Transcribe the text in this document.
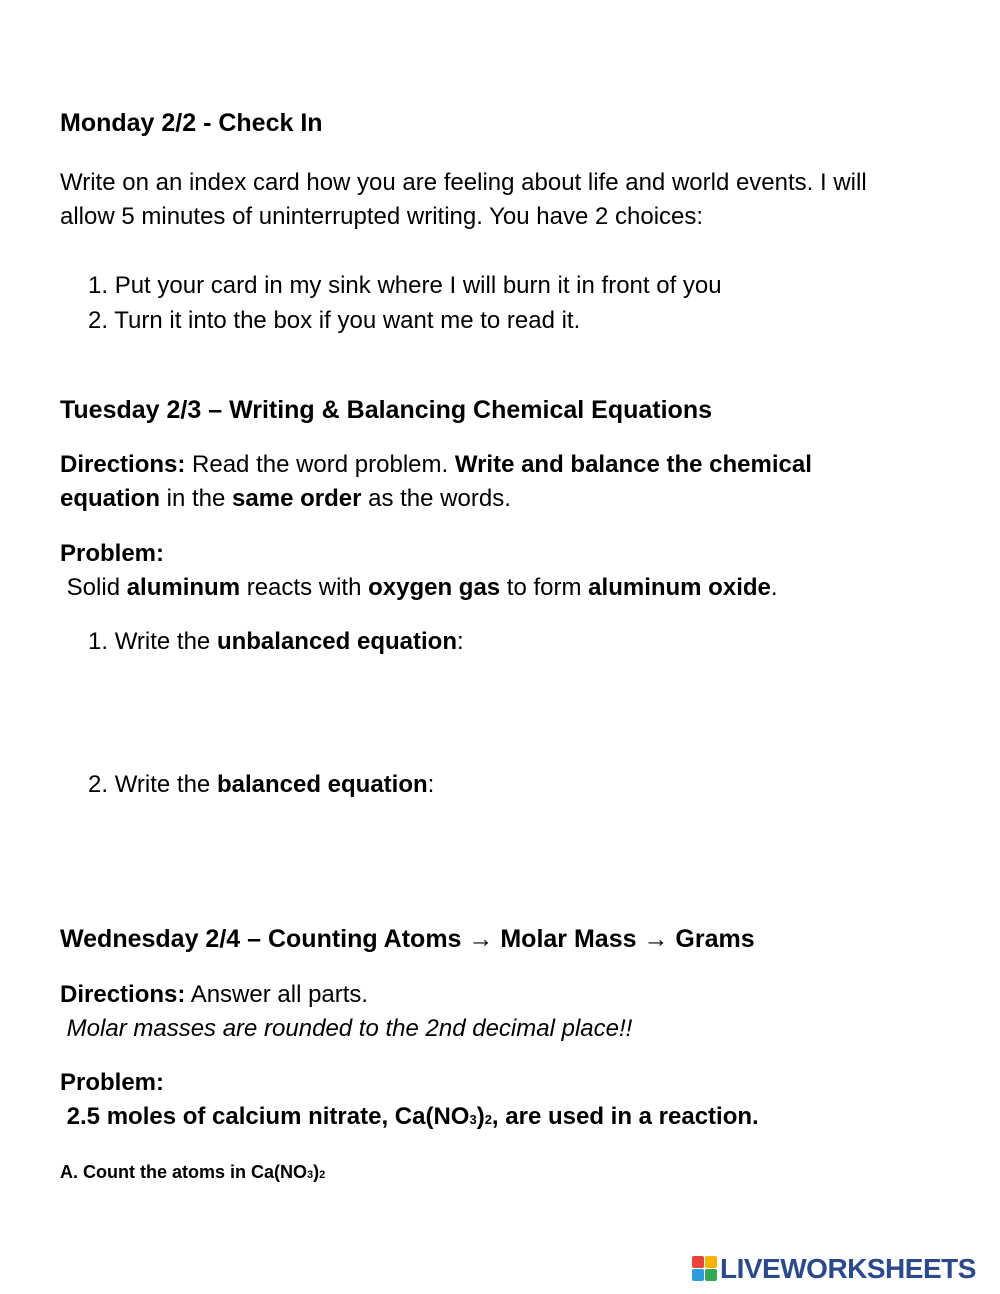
Monday 2/2 - Check In

Write on an index card how you are feeling about life and world events. I will

allow 5 minutes of uninterrupted writing. You have 2 choices:

1. Put your card in my sink where I will burn it in front of you
2. Turn it into the box if you want me to read it.

Tuesday 2/3 – Writing & Balancing Chemical Equations

Directions: Read the word problem. Write and balance the chemical

equation in the same order as the words.

Problem:

Solid aluminum reacts with oxygen gas to form aluminum oxide.

1. Write the unbalanced equation:
2. Write the balanced equation:

Wednesday 2/4 – Counting Atoms → Molar Mass → Grams

Directions: Answer all parts.

Molar masses are rounded to the 2nd decimal place!!

Problem:

2.5 moles of calcium nitrate, Ca(NO3)2, are used in a reaction.

A. Count the atoms in Ca(NO3)2

LIVEWORKSHEETS
